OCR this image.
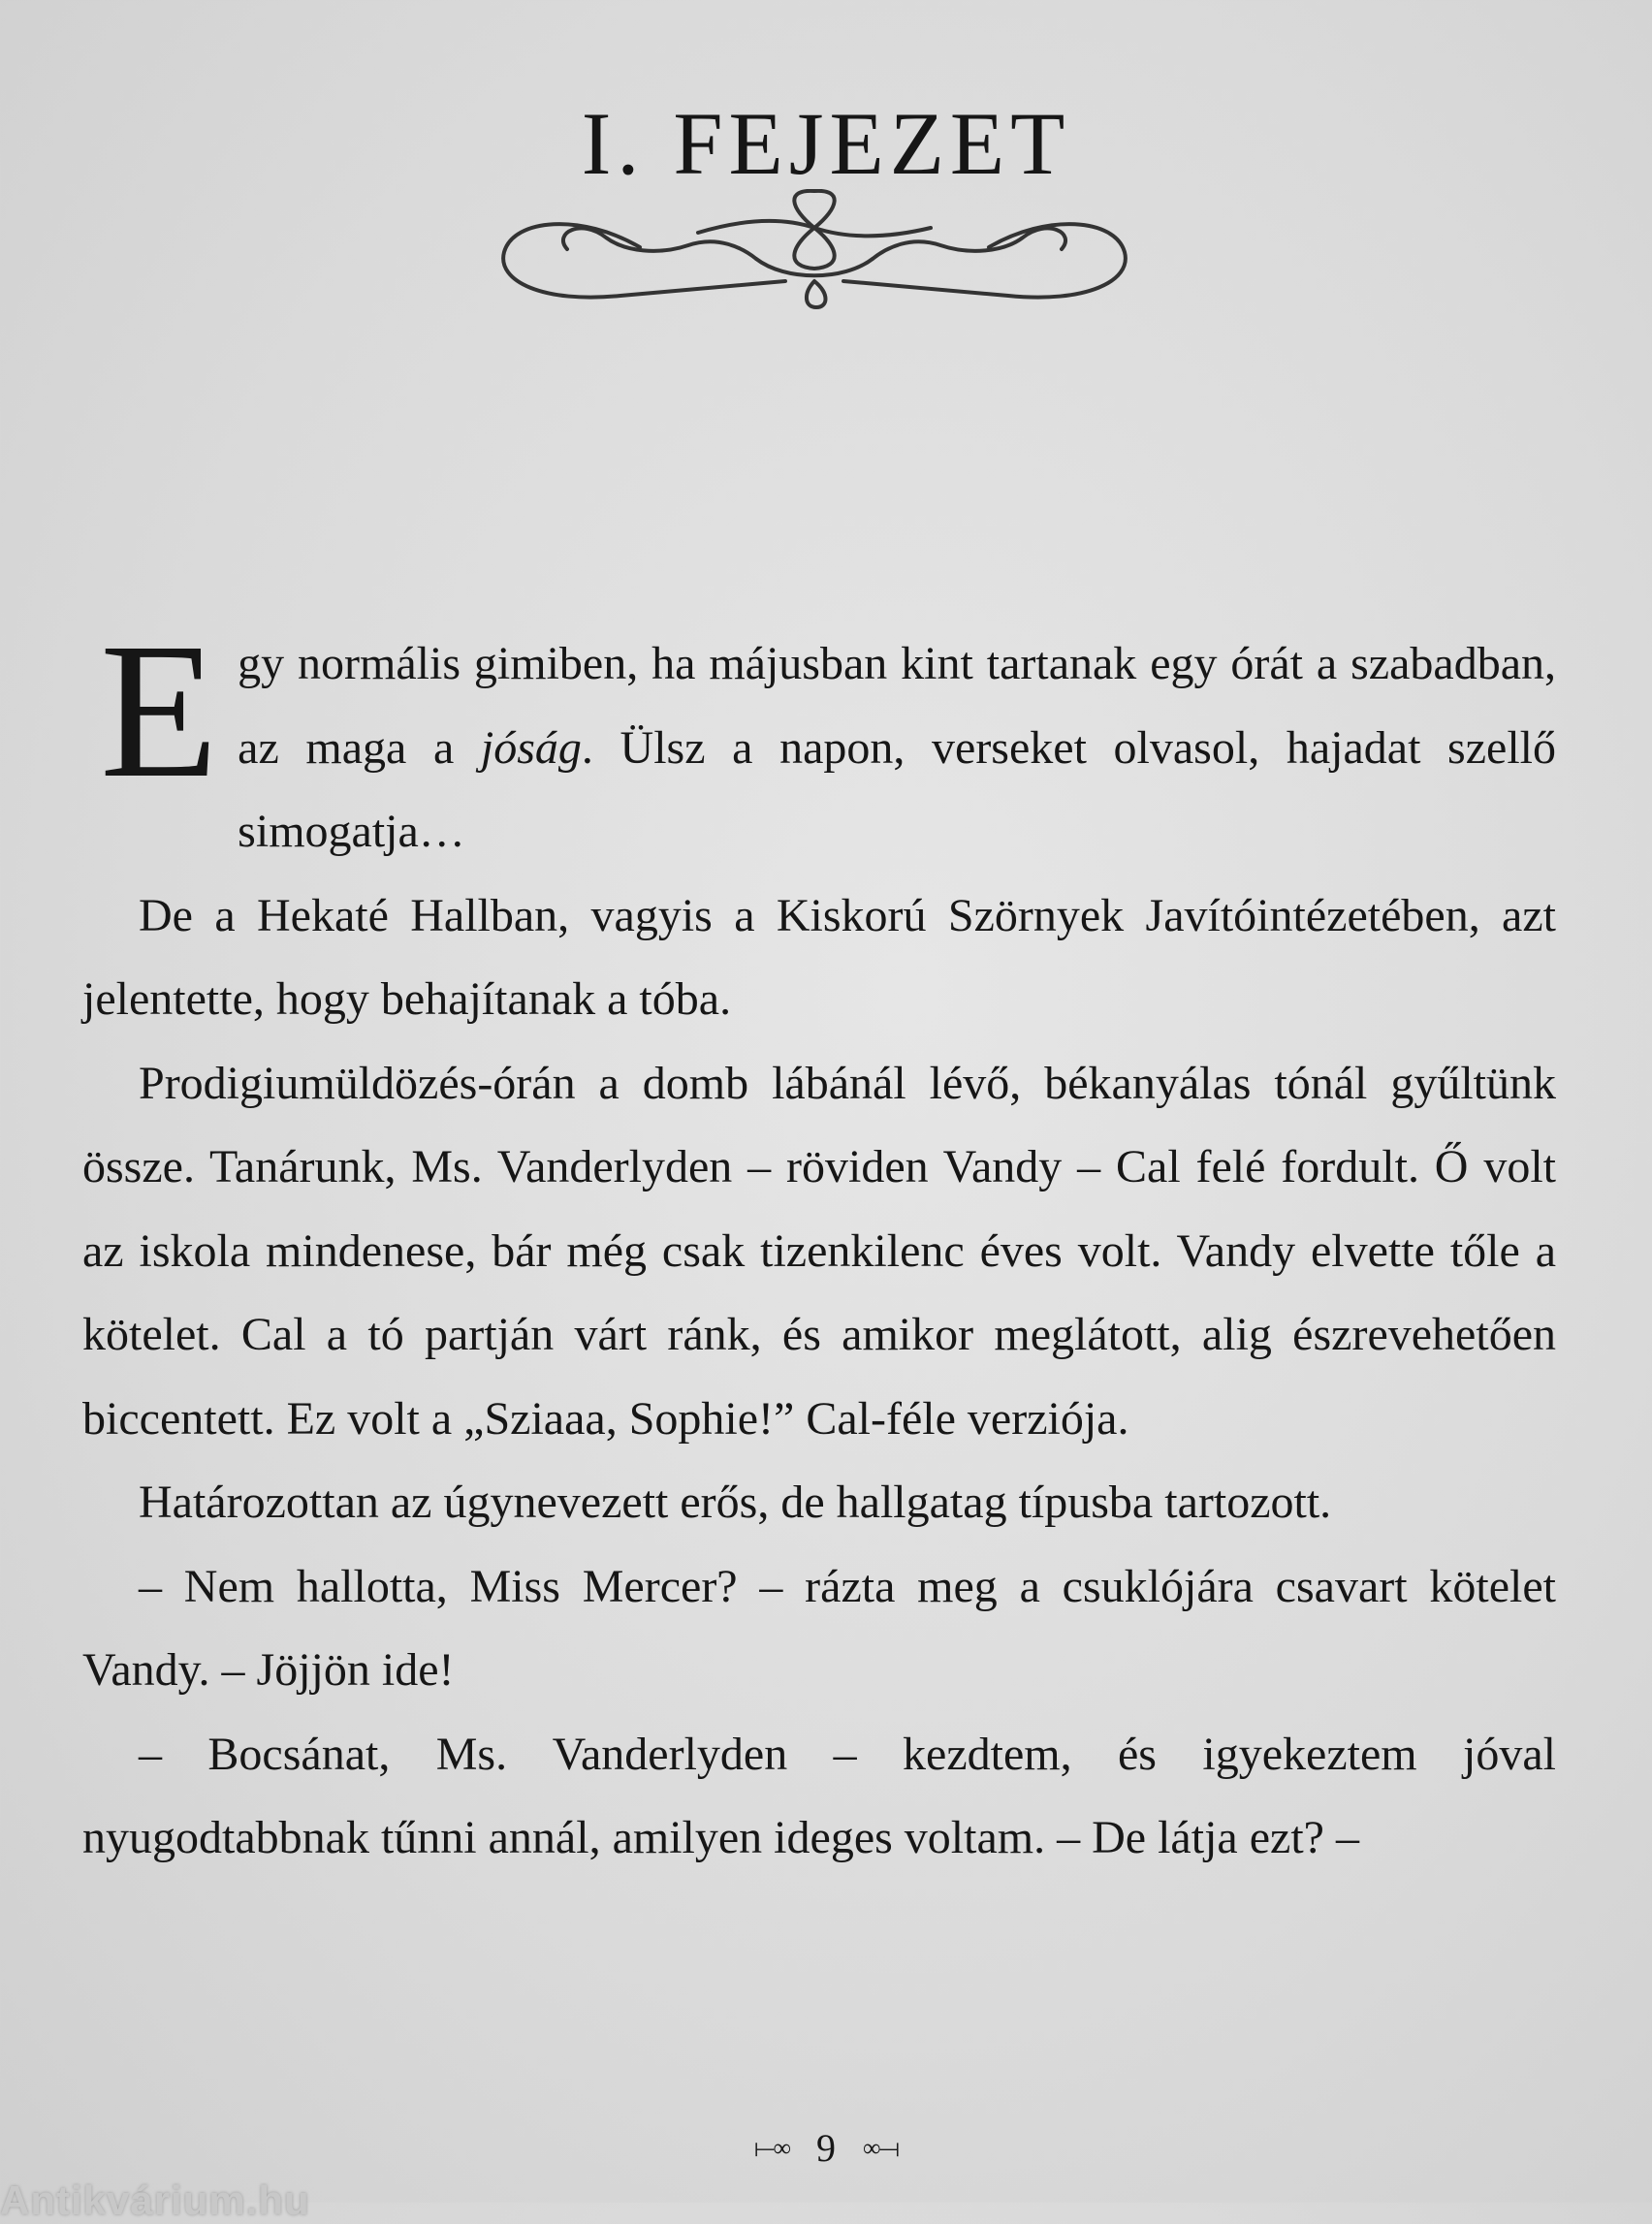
I. FEJEZET

Egy normális gimiben, ha májusban kint tartanak egy órát a szabadban, az maga a jóság. Ülsz a napon, verseket olvasol, hajadat szellő simogatja…

De a Hekaté Hallban, vagyis a Kiskorú Szörnyek Javítóintézetében, azt jelentette, hogy behajítanak a tóba.

Prodigiumüldözés-órán a domb lábánál lévő, békanyálas tónál gyűltünk össze. Tanárunk, Ms. Vanderlyden – röviden Vandy – Cal felé fordult. Ő volt az iskola mindenese, bár még csak tizenkilenc éves volt. Vandy elvette tőle a kötelet. Cal a tó partján várt ránk, és amikor meglátott, alig észrevehetően biccentett. Ez volt a „Sziaaa, Sophie!” Cal-féle verziója.

Határozottan az úgynevezett erős, de hallgatag típusba tartozott.

– Nem hallotta, Miss Mercer? – rázta meg a csuklójára csavart kötelet Vandy. – Jöjjön ide!

– Bocsánat, Ms. Vanderlyden – kezdtem, és igyekeztem jóval nyugodtabbnak tűnni annál, amilyen ideges voltam. – De látja ezt? –

⟝∞ 9 ∞⟞
Antikvárium.hu
